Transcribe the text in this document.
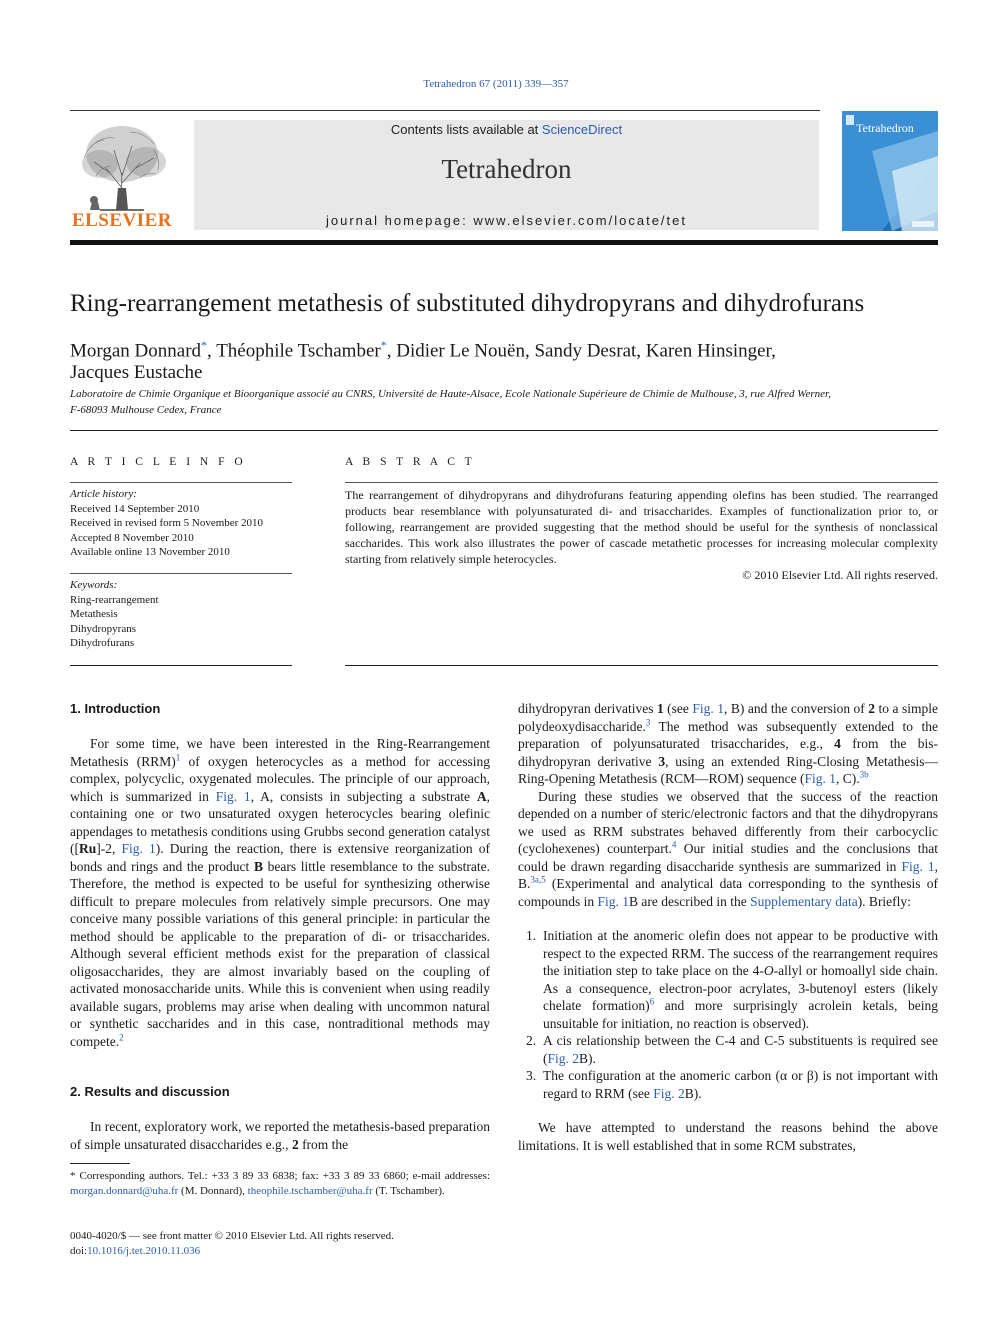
Tetrahedron 67 (2011) 339—357
ELSEVIER
Contents lists available at ScienceDirect
Tetrahedron
journal homepage: www.elsevier.com/locate/tet
Tetrahedron
Ring-rearrangement metathesis of substituted dihydropyrans and dihydrofurans
Morgan Donnard*, Théophile Tschamber*, Didier Le Nouën, Sandy Desrat, Karen Hinsinger,
Jacques Eustache
Laboratoire de Chimie Organique et Bioorganique associé au CNRS, Université de Haute-Alsace, Ecole Nationale Supérieure de Chimie de Mulhouse, 3, rue Alfred Werner,
F-68093 Mulhouse Cedex, France
A R T I C L E I N F O
Article history:
Received 14 September 2010
Received in revised form 5 November 2010
Accepted 8 November 2010
Available online 13 November 2010
Keywords:
Ring-rearrangement
Metathesis
Dihydropyrans
Dihydrofurans
A B S T R A C T
The rearrangement of dihydropyrans and dihydrofurans featuring appending olefins has been studied. The rearranged products bear resemblance with polyunsaturated di- and trisaccharides. Examples of functionalization prior to, or following, rearrangement are provided suggesting that the method should be useful for the synthesis of nonclassical saccharides. This work also illustrates the power of cascade metathetic processes for increasing molecular complexity starting from relatively simple heterocycles.
© 2010 Elsevier Ltd. All rights reserved.
1. Introduction

For some time, we have been interested in the Ring-Rearrangement Metathesis (RRM)$^1$ of oxygen heterocycles as a method for accessing complex, polycyclic, oxygenated molecules. The principle of our approach, which is summarized in Fig. 1, A, consists in subjecting a substrate A, containing one or two unsaturated oxygen heterocycles bearing olefinic appendages to metathesis conditions using Grubbs second generation catalyst ([Ru]-2, Fig. 1). During the reaction, there is extensive reorganization of bonds and rings and the product B bears little resemblance to the substrate. Therefore, the method is expected to be useful for synthesizing otherwise difficult to prepare molecules from relatively simple precursors. One may conceive many possible variations of this general principle: in particular the method should be applicable to the preparation of di- or trisaccharides. Although several efficient methods exist for the preparation of classical oligosaccharides, they are almost invariably based on the coupling of activated monosaccharide units. While this is convenient when using readily available sugars, problems may arise when dealing with uncommon natural or synthetic saccharides and in this case, nontraditional methods may compete.$^2$

2. Results and discussion

In recent, exploratory work, we reported the metathesis-based preparation of simple unsaturated disaccharides e.g., 2 from the

* Corresponding authors. Tel.: +33 3 89 33 6838; fax: +33 3 89 33 6860; e-mail addresses: morgan.donnard@uha.fr (M. Donnard), theophile.tschamber@uha.fr (T. Tschamber).
0040-4020/$ — see front matter © 2010 Elsevier Ltd. All rights reserved.
doi:10.1016/j.tet.2010.11.036

dihydropyran derivatives 1 (see Fig. 1, B) and the conversion of 2 to a simple polydeoxydisaccharide.$^3$ The method was subsequently extended to the preparation of polyunsaturated trisaccharides, e.g., 4 from the bis-dihydropyran derivative 3, using an extended Ring-Closing Metathesis—Ring-Opening Metathesis (RCM—ROM) sequence (Fig. 1, C).$^{3b}$

During these studies we observed that the success of the reaction depended on a number of steric/electronic factors and that the dihydropyrans we used as RRM substrates behaved differently from their carbocyclic (cyclohexenes) counterpart.$^4$ Our initial studies and the conclusions that could be drawn regarding disaccharide synthesis are summarized in Fig. 1, B.$^{3a,5}$ (Experimental and analytical data corresponding to the synthesis of compounds in Fig. 1B are described in the Supplementary data). Briefly:

1. Initiation at the anomeric olefin does not appear to be productive with respect to the expected RRM. The success of the rearrangement requires the initiation step to take place on the 4-O-allyl or homoallyl side chain. As a consequence, electron-poor acrylates, 3-butenoyl esters (likely chelate formation)$^6$ and more surprisingly acrolein ketals, being unsuitable for initiation, no reaction is observed).

2. A cis relationship between the C-4 and C-5 substituents is required see (Fig. 2B).

3. The configuration at the anomeric carbon (α or β) is not important with regard to RRM (see Fig. 2B).

We have attempted to understand the reasons behind the above limitations. It is well established that in some RCM substrates,
